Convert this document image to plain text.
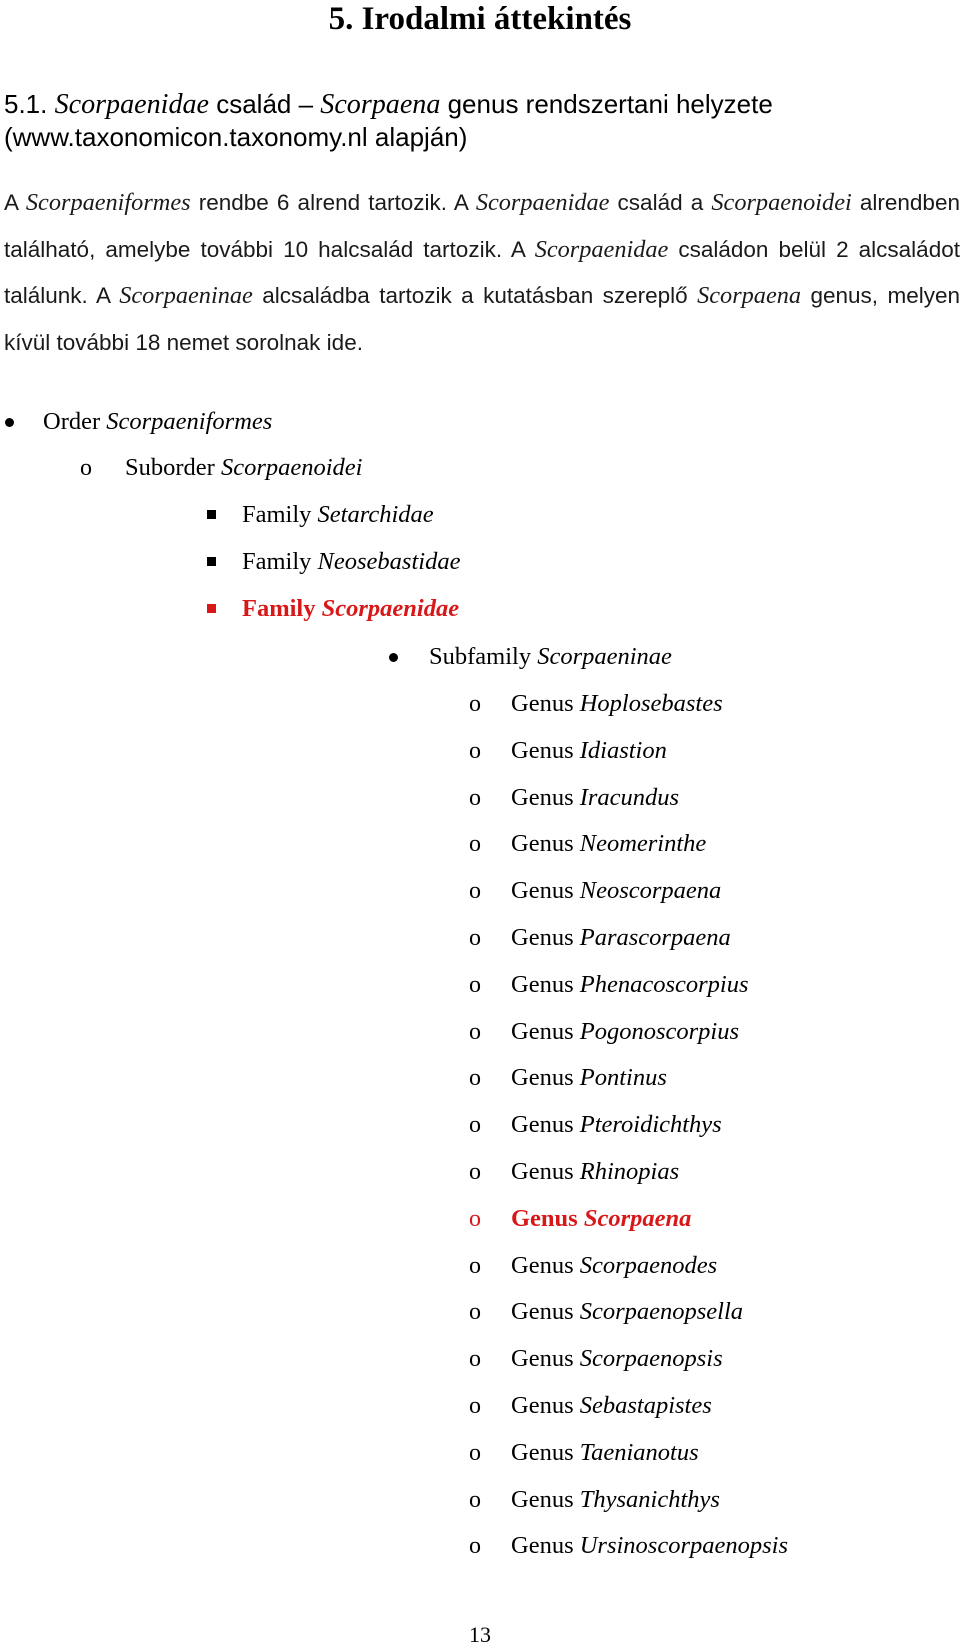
5. Irodalmi áttekintés
5.1. Scorpaenidae család – Scorpaena genus rendszertani helyzete
(www.taxonomicon.taxonomy.nl alapján)
A Scorpaeniformes rendbe 6 alrend tartozik. A Scorpaenidae család a Scorpaenoidei alrendben található, amelybe további 10 halcsalád tartozik. A Scorpaenidae családon belül 2 alcsaládot találunk. A Scorpaeninae alcsaládba tartozik a kutatásban szereplő Scorpaena genus, melyen kívül további 18 nemet sorolnak ide.
Order Scorpaeniformes
o Suborder Scorpaenoidei
Family Setarchidae
Family Neosebastidae
Family Scorpaenidae
Subfamily Scorpaeninae
o Genus Hoplosebastes
o Genus Idiastion
o Genus Iracundus
o Genus Neomerinthe
o Genus Neoscorpaena
o Genus Parascorpaena
o Genus Phenacoscorpius
o Genus Pogonoscorpius
o Genus Pontinus
o Genus Pteroidichthys
o Genus Rhinopias
o Genus Scorpaena
o Genus Scorpaenodes
o Genus Scorpaenopsella
o Genus Scorpaenopsis
o Genus Sebastapistes
o Genus Taenianotus
o Genus Thysanichthys
o Genus Ursinoscorpaenopsis
13
